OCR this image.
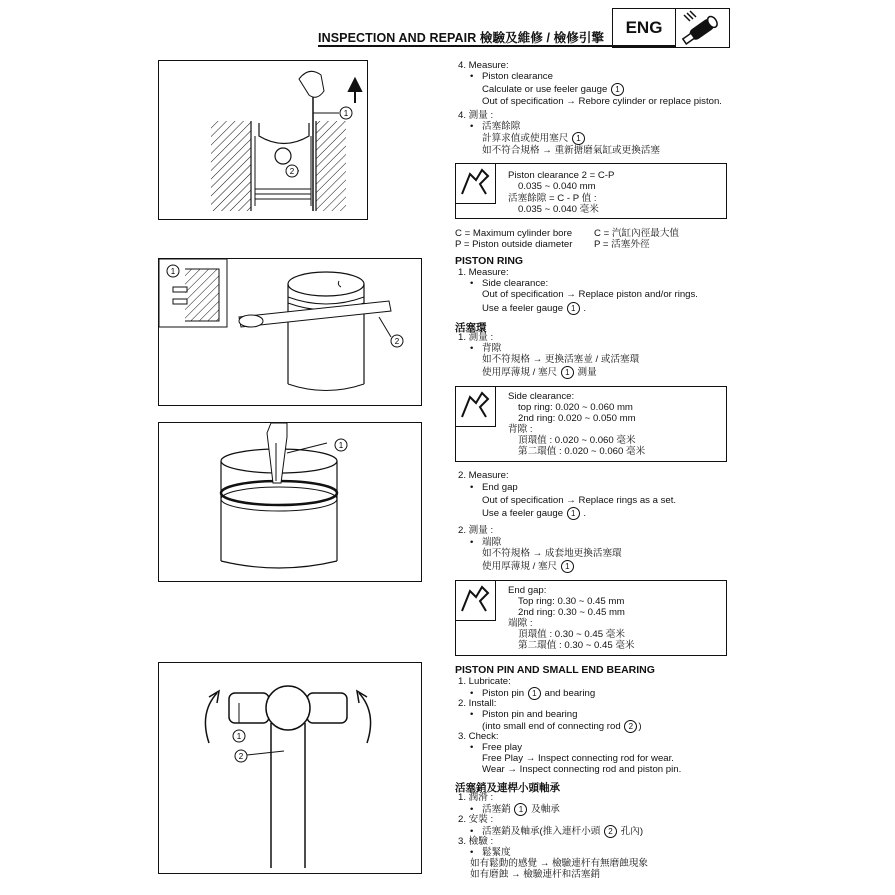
INSPECTION AND REPAIR 檢驗及維修 / 檢修引擎
ENG
1
2
1
2
1
1
2
4. Measure:
• Piston clearance
Calculate or use feeler gauge 1
Out of specification → Rebore cylinder or replace piston.
4. 測量 :
• 活塞餘隙
計算求值或使用塞尺 1
如不符合規格 → 重新搪磨氣缸或更換活塞
Piston clearance 2 = C-P
0.035 ~ 0.040 mm
活塞餘隙 = C - P 值 :
0.035 ~ 0.040 毫米
C = Maximum cylinder bore
P = Piston outside diameter
C = 汽缸內徑最大值
P = 活塞外徑
PISTON RING
1. Measure:
• Side clearance:
Out of specification → Replace piston and/or rings.
Use a feeler gauge 1 .
活塞環
1. 測量 :
• 背隙
如不符規格 → 更換活塞並 / 或活塞環
使用厚薄規 / 塞尺 1 測量
Side clearance:
top ring: 0.020 ~ 0.060 mm
2nd ring: 0.020 ~ 0.050 mm
背隙 :
頂環值 : 0.020 ~ 0.060 毫米
第二環值 : 0.020 ~ 0.060 毫米
2. Measure:
• End gap
Out of specification → Replace rings as a set.
Use a feeler gauge 1 .
2. 測量 :
• 端隙
如不符規格 → 成套地更換活塞環
使用厚薄規 / 塞尺 1
End gap:
Top ring: 0.30 ~ 0.45 mm
2nd ring: 0.30 ~ 0.45 mm
端隙 :
頂環值 : 0.30 ~ 0.45 毫米
第二環值 : 0.30 ~ 0.45 毫米
PISTON PIN AND SMALL END BEARING
1. Lubricate:
• Piston pin 1 and bearing
2. Install:
• Piston pin and bearing
(into small end of connecting rod 2 )
3. Check:
• Free play
Free Play → Inspect connecting rod for wear.
Wear → Inspect connecting rod and piston pin.
活塞銷及連桿小頭軸承
1. 潤滑 :
• 活塞銷 1 及軸承
2. 安裝 :
• 活塞銷及軸承(推入連杆小頭 2 孔內)
3. 檢驗 :
• 鬆緊度
如有鬆動的感覺 → 檢驗連杆有無磨蝕現象
如有磨蝕 → 檢驗連杆和活塞銷
